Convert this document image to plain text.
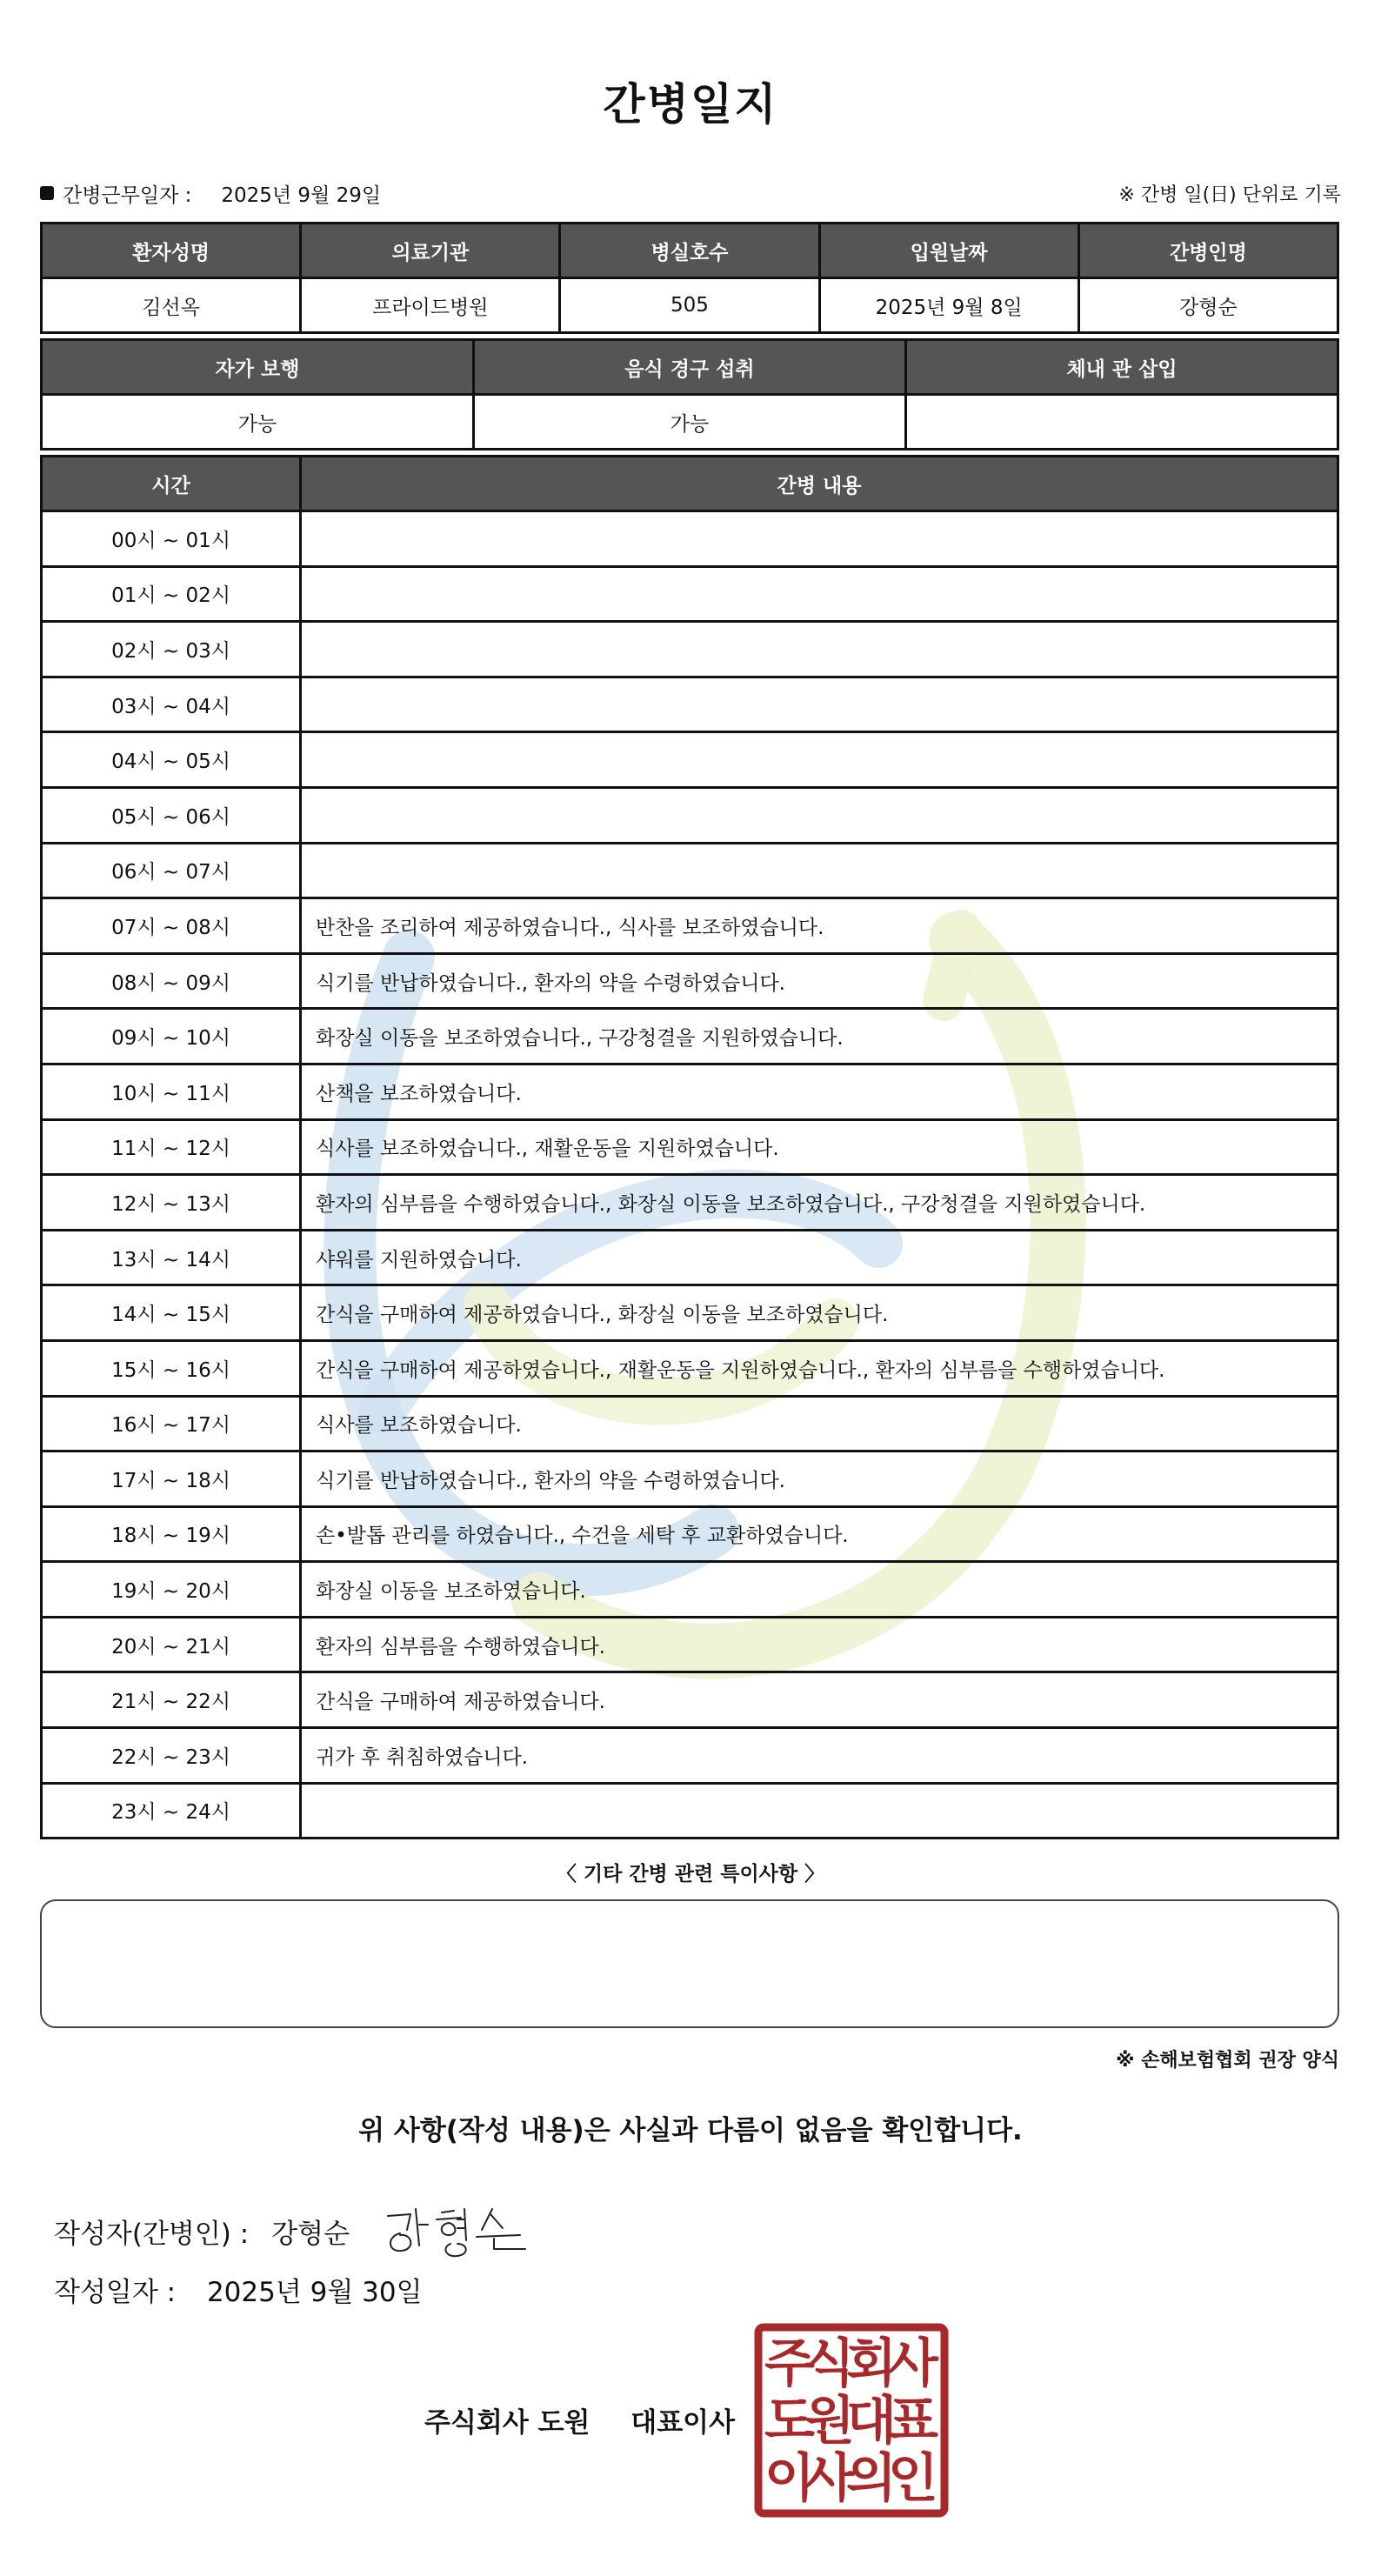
간병일지
간병근무일자 : 2025년 9월 29일	※ 간병 일(日) 단위로 기록
환자성명	의료기관	병실호수	입원날짜	간병인명
김선옥	프라이드병원	505	2025년 9월 8일	강형순
자가 보행	음식 경구 섭취	체내 관 삽입
가능	가능	
시간	간병 내용
00시 ~ 01시	
01시 ~ 02시	
02시 ~ 03시	
03시 ~ 04시	
04시 ~ 05시	
05시 ~ 06시	
06시 ~ 07시	
07시 ~ 08시	반찬을 조리하여 제공하였습니다., 식사를 보조하였습니다.
08시 ~ 09시	식기를 반납하였습니다., 환자의 약을 수령하였습니다.
09시 ~ 10시	화장실 이동을 보조하였습니다., 구강청결을 지원하였습니다.
10시 ~ 11시	산책을 보조하였습니다.
11시 ~ 12시	식사를 보조하였습니다., 재활운동을 지원하였습니다.
12시 ~ 13시	환자의 심부름을 수행하였습니다., 화장실 이동을 보조하였습니다., 구강청결을 지원하였습니다.
13시 ~ 14시	샤워를 지원하였습니다.
14시 ~ 15시	간식을 구매하여 제공하였습니다., 화장실 이동을 보조하였습니다.
15시 ~ 16시	간식을 구매하여 제공하였습니다., 재활운동을 지원하였습니다., 환자의 심부름을 수행하였습니다.
16시 ~ 17시	식사를 보조하였습니다.
17시 ~ 18시	식기를 반납하였습니다., 환자의 약을 수령하였습니다.
18시 ~ 19시	손•발톱 관리를 하였습니다., 수건을 세탁 후 교환하였습니다.
19시 ~ 20시	화장실 이동을 보조하였습니다.
20시 ~ 21시	환자의 심부름을 수행하였습니다.
21시 ~ 22시	간식을 구매하여 제공하였습니다.
22시 ~ 23시	귀가 후 취침하였습니다.
23시 ~ 24시	
〈 기타 간병 관련 특이사항 〉
※ 손해보험협회 권장 양식
위 사항(작성 내용)은 사실과 다름이 없음을 확인합니다.
작성자(간병인) : 강형순
작성일자 : 2025년 9월 30일
주식회사 도원 대표이사
주
식
회
사
도
원
대
표
이
사
의
인
